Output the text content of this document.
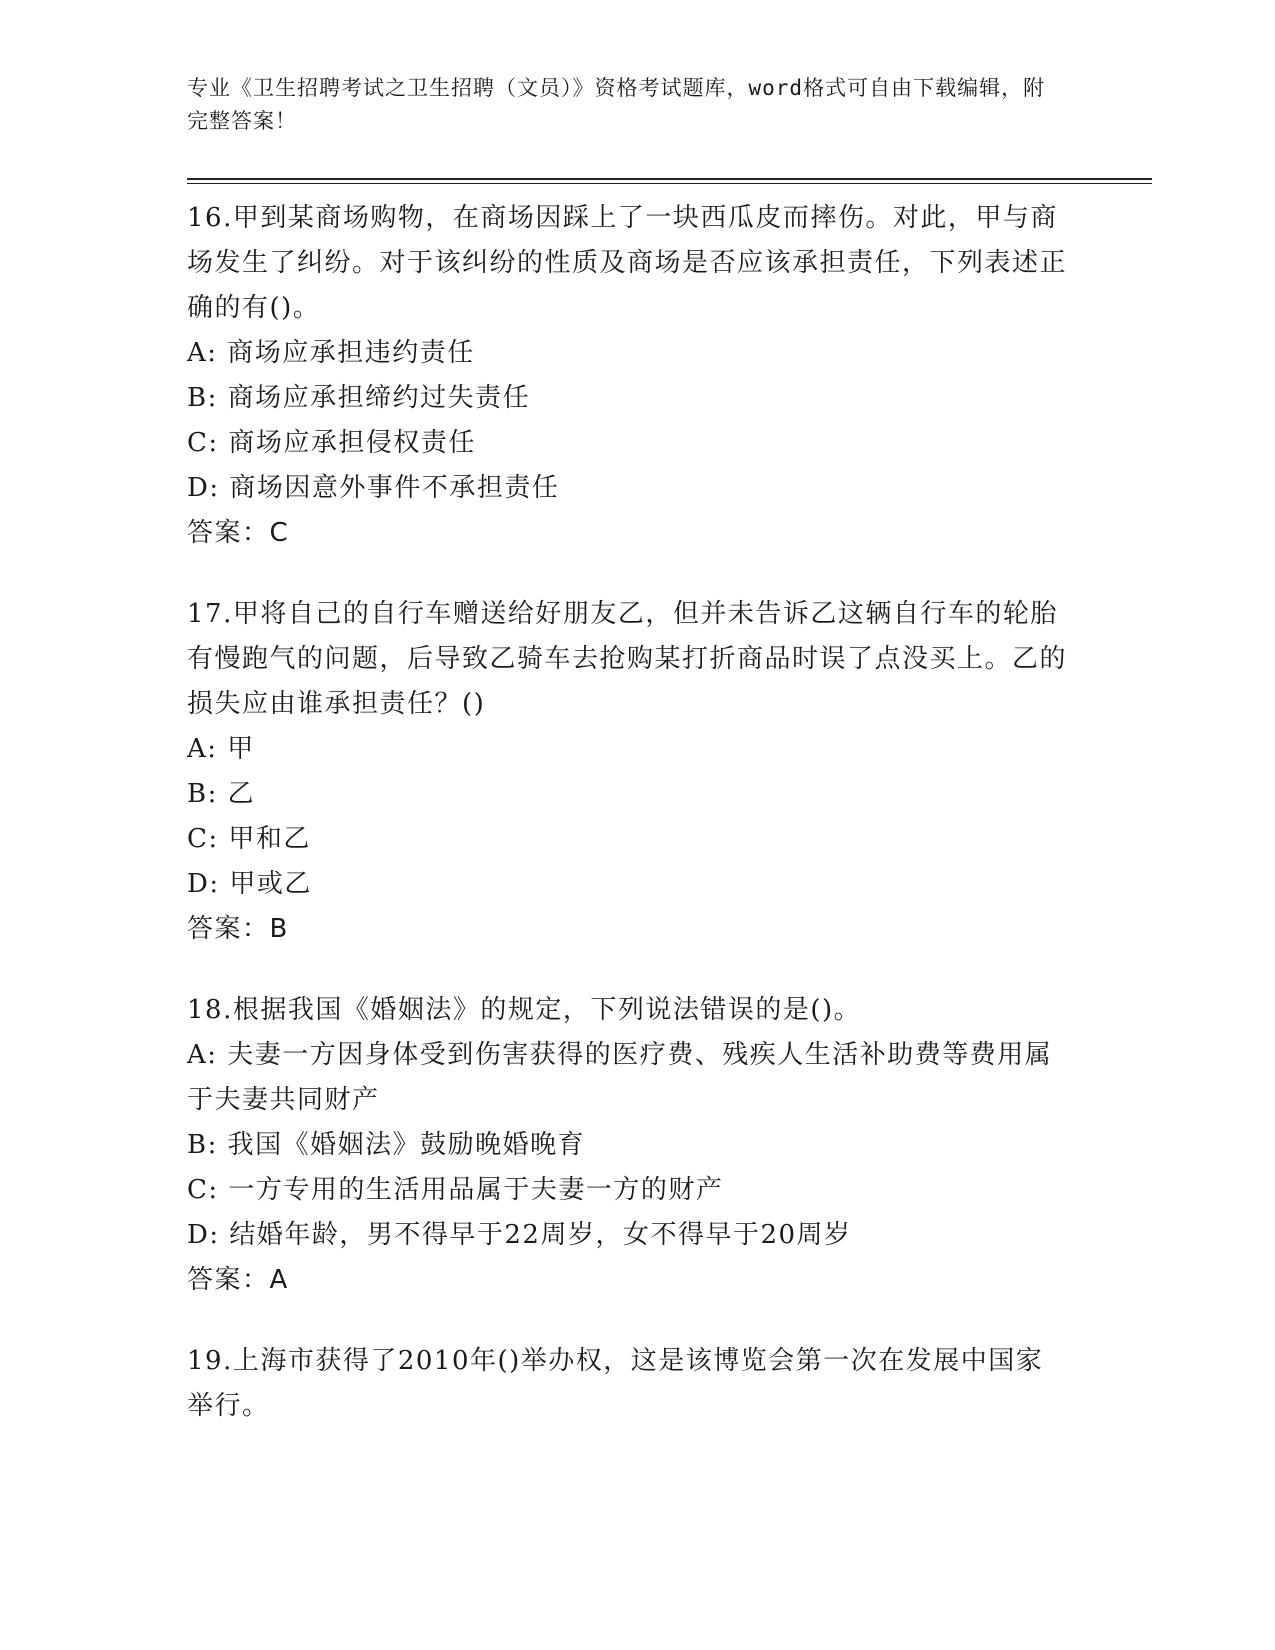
专业《卫生招聘考试之卫生招聘（文员）》资格考试题库，word格式可自由下载编辑，附完整答案！

16.甲到某商场购物，在商场因踩上了一块西瓜皮而摔伤。对此，甲与商场发生了纠纷。对于该纠纷的性质及商场是否应该承担责任，下列表述正确的有()。

A: 商场应承担违约责任

B: 商场应承担缔约过失责任

C: 商场应承担侵权责任

D: 商场因意外事件不承担责任

答案：C

17.甲将自己的自行车赠送给好朋友乙，但并未告诉乙这辆自行车的轮胎有慢跑气的问题，后导致乙骑车去抢购某打折商品时误了点没买上。乙的损失应由谁承担责任？()

A: 甲

B: 乙

C: 甲和乙

D: 甲或乙

答案：B

18.根据我国《婚姻法》的规定，下列说法错误的是()。

A: 夫妻一方因身体受到伤害获得的医疗费、残疾人生活补助费等费用属于夫妻共同财产

B: 我国《婚姻法》鼓励晚婚晚育

C: 一方专用的生活用品属于夫妻一方的财产

D: 结婚年龄，男不得早于22周岁，女不得早于20周岁

答案：A

19.上海市获得了2010年()举办权，这是该博览会第一次在发展中国家举行。
